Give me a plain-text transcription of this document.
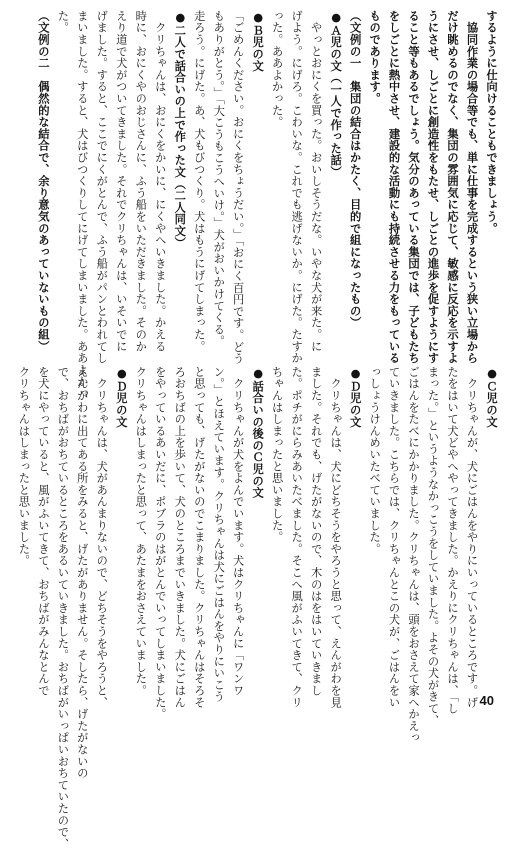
するように仕向けることもできましょう。
　協同作業の場合等でも、単に仕事を完成するという狭い立場から
だけ眺めるのでなく、集団の雰囲気に応じて、敏感に反応を示すよ
うにさせ、しごとに創造性をもたせ、しごとの進歩を促すようにす
ること等もあるでしょう。気分のあっている集団では、子どもたち
をしごとに熱中させ、建設的な活動にも持続させる力をもっている
ものであります。
（文例の一　集団の結合はかたく、目的で組になったもの）
●Ａ児の文（一人で作った話）
　やっとおにくを買った。おいしそうだな。いやな犬が来た。に
げよう。にげろ。こわいな。これでも逃げないか。にげた。たすか
った。ああよかった。
●Ｂ児の文
「ごめんください。おにくをちょうだい。」「おにく百円です。どう
もありがとう。」「大こうもこうへいけ。」犬がおいかけてくる。
走ろう。にげた。あ、犬もびつくり。犬はもうにげてしまった。
●二人で話合いの上で作った文（二人同文）
　クリちゃんは、おにくをかいに、にくやへいきました。かえる
時に、おにくやのおじさんに、ふう船をいただきました。そのか
えり道で犬がついてきました。それでクリちゃんは、いそいでに
げました。すると、ここでにくがとんで、ふう船がパンとわれてし
まいました。すると、犬はびつくりしてにげてしまいました。ああよかっ
た。
（文例の二　偶然的な結合で、余り意気のあっていないもの組）
●Ｃ児の文
　クリちゃんが、犬にごはんをやりにいっているところです。げ
たをはいて犬どやへやってきました。かえりにクリちゃんは、「し
まった。」というようなかっこうをしていました。よその犬がきて、
ごはんをたべにかかりました。クリちゃんは、頭をおさえて家へかえっ
ていきました。こちらでは、クリちゃんとこの犬が、ごはんをい
っしょうけんめいたべていました。
●Ｄ児の文
　クリちゃんは、犬にどちそうをやろうと思って、えんがわを見
ました。それでも、げたがないので、木のはをはいていきまし
た。ポチがにらみあいたべました。そこへ風がふいてきて、クリ
ちゃんはしまったと思いました。
●話合いの後のＣ児の文
　クリちゃんが犬をよんでいます。犬はクリちゃんに「ワンワ
ン。」とほえています。クリちゃんは犬にごはんをやりにいこう
と思っても、げたがないのでこまりました。クリちゃんはそろそ
ろおちばの上を歩いて、犬のところまでいきました。犬にごはん
をやっているあいだに、ポブラのはがとんでいってしまいました。
クリちゃんはしまったと思って、あたまをおさえていました。
●Ｄ児の文
　クリちゃんは、犬があんまりないので、どちそうをやろうと、
えんがわに出てある所をみると、げたがありません。そしたら、げたがないの
で、おちばがおちているところをあるいていきました。おちばがいっぱいおちていたので、
を犬にやっていると、風がふいてきて、おちばがみんなとんで
クリちゃんはしまったと思いました。
40
